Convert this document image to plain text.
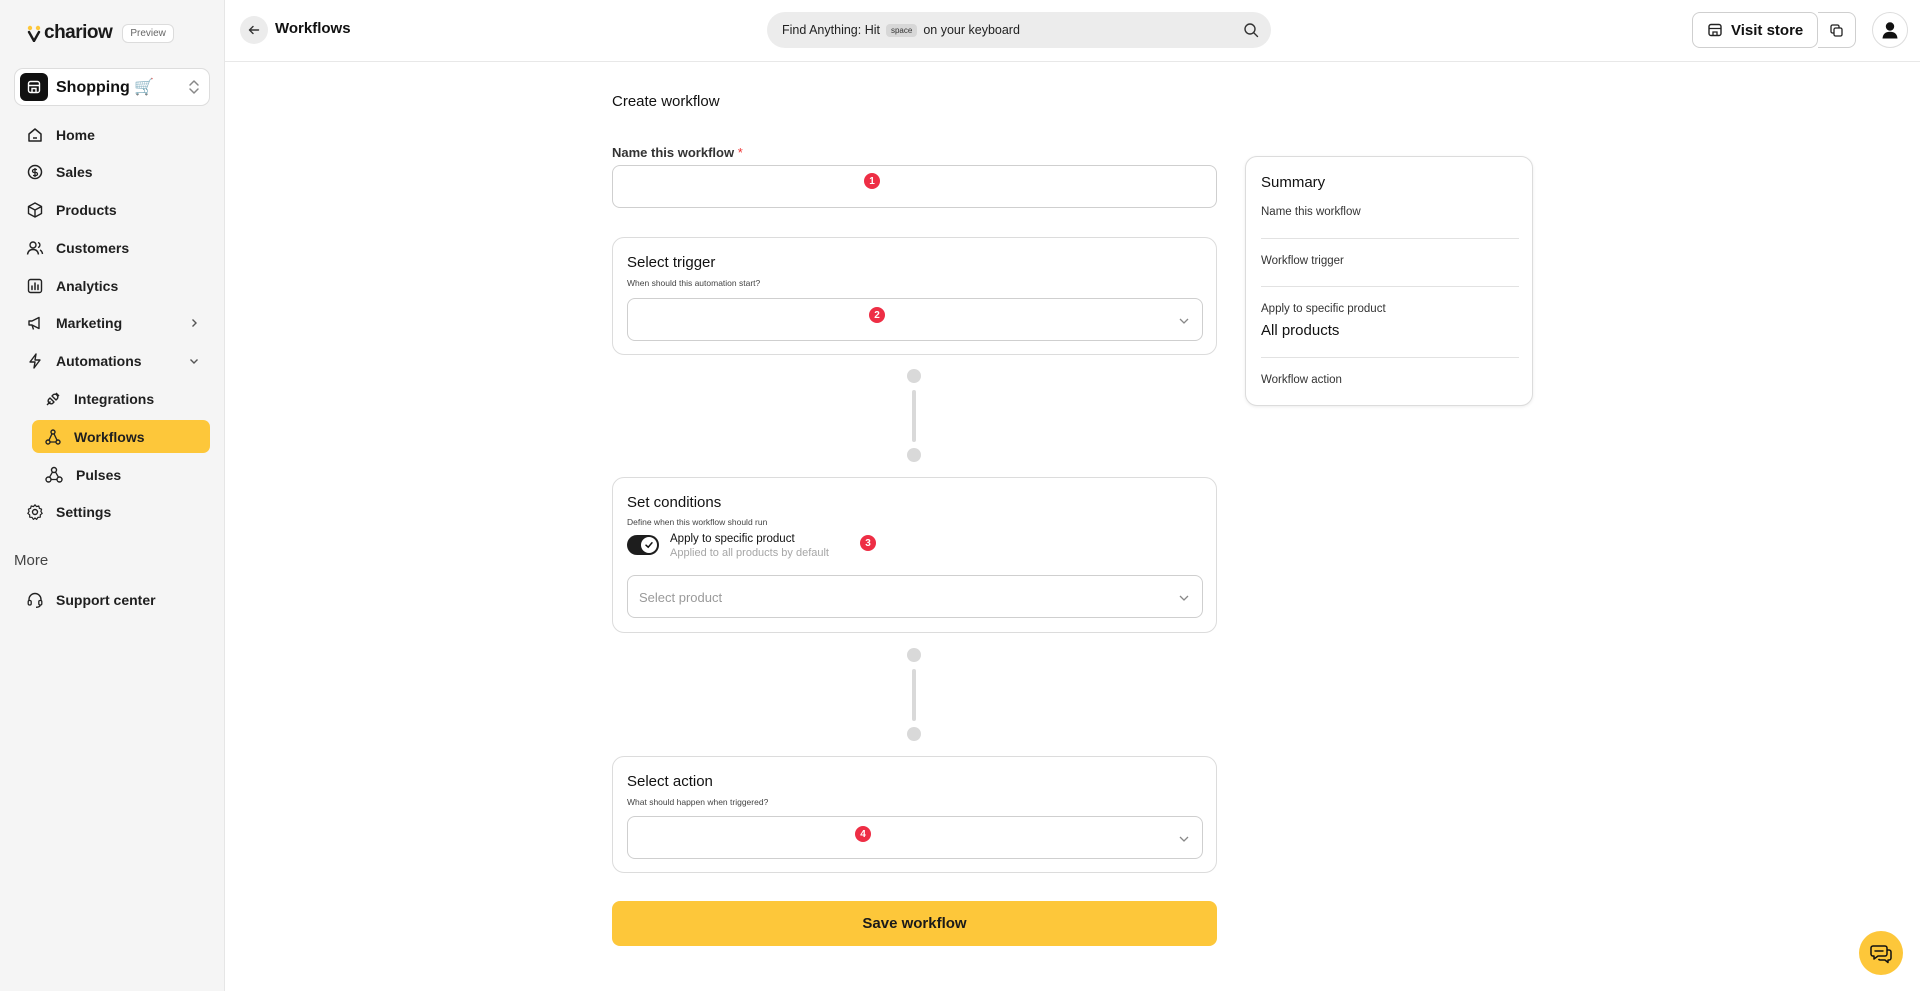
chariow	Preview
Shopping 🛒
Home
Sales
Products
Customers
Analytics
Marketing
Automations
Integrations
Workflows
Pulses
Settings
More
Support center
Workflows	Find Anything: Hit	space on your keyboard	Visit store
Create workflow
Name this workflow *
1
Select trigger
When should this automation start?
2
Set conditions
Define when this workflow should run
Apply to specific product
Applied to all products by default
Select product
3
Select action
What should happen when triggered?
4
Save workflow
Summary
Name this workflow
Workflow trigger
Apply to specific product
All products
Workflow action
